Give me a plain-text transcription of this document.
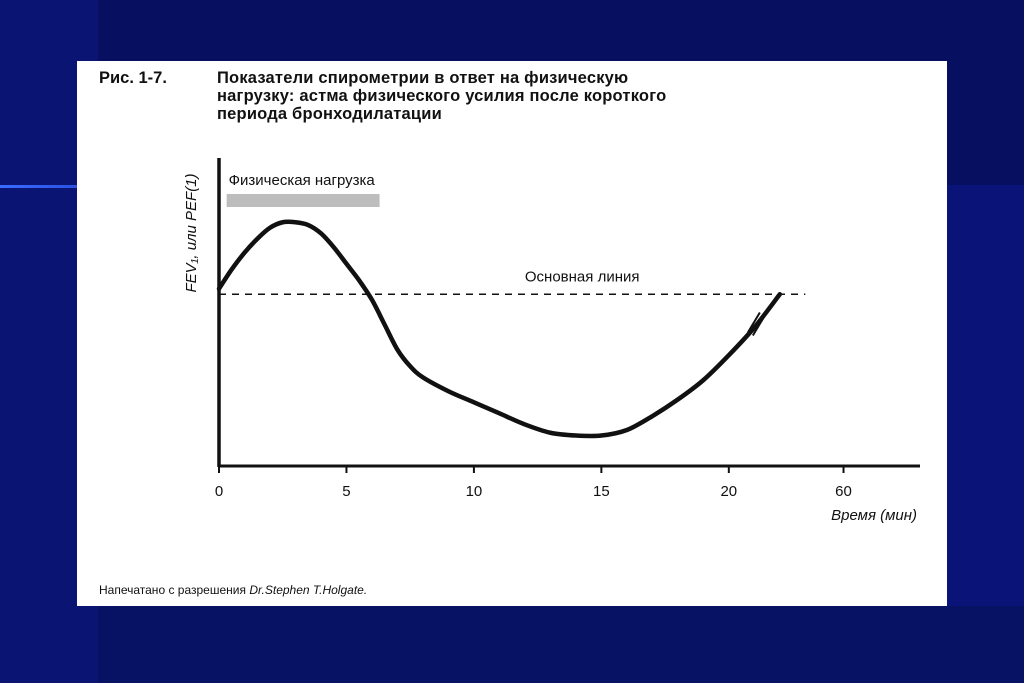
Рис. 1-7.	Показатели спирометрии в ответ на физическую
нагрузку: астма физического усилия после короткого
периода бронходилатации
0	5	10	15	20	60
Время (мин)
FEV₁, или PEF(1) Физическая нагрузка
Основная линия
Напечатано с разрешения Dr.Stephen T.Holgate.
